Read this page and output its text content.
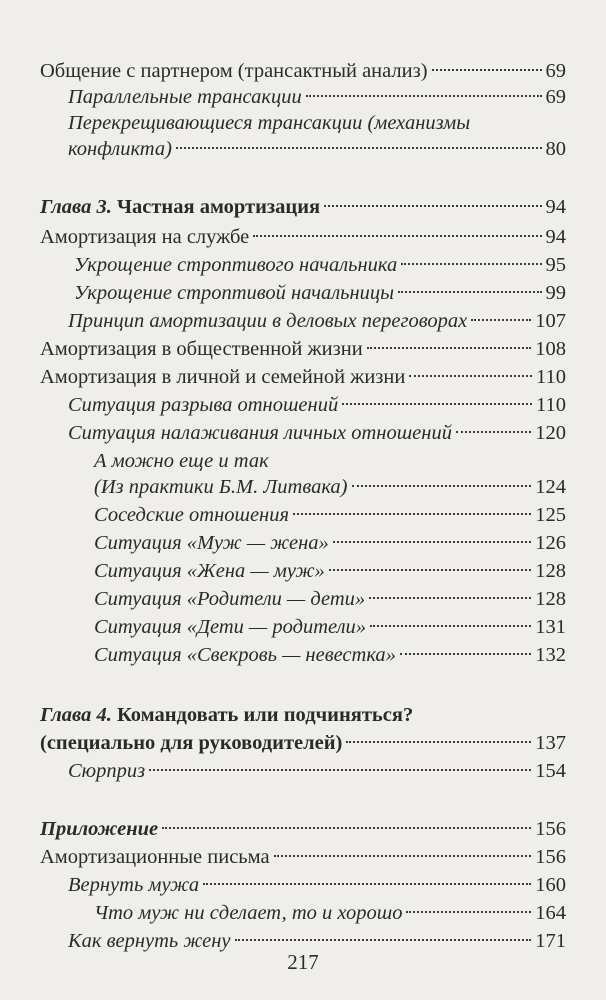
Общение с партнером (трансактный анализ)	69
Параллельные трансакции	69
Перекрещивающиеся трансакции (механизмы
конфликта)	80
Глава 3. Частная амортизация	94
Амортизация на службе	94
Укрощение строптивого начальника	95
Укрощение строптивой начальницы	99
Принцип амортизации в деловых переговорах	107
Амортизация в общественной жизни	108
Амортизация в личной и семейной жизни	110
Ситуация разрыва отношений	110
Ситуация налаживания личных отношений	120
А можно еще и так
(Из практики Б.М. Литвака)	124
Соседские отношения	125
Ситуация «Муж — жена»	126
Ситуация «Жена — муж»	128
Ситуация «Родители — дети»	128
Ситуация «Дети — родители»	131
Ситуация «Свекровь — невестка»	132
Глава 4. Командовать или подчиняться?
(специально для руководителей)	137
Сюрприз	154
Приложение	156
Амортизационные письма	156
Вернуть мужа	160
Что муж ни сделает, то и хорошо	164
Как вернуть жену	171
217
